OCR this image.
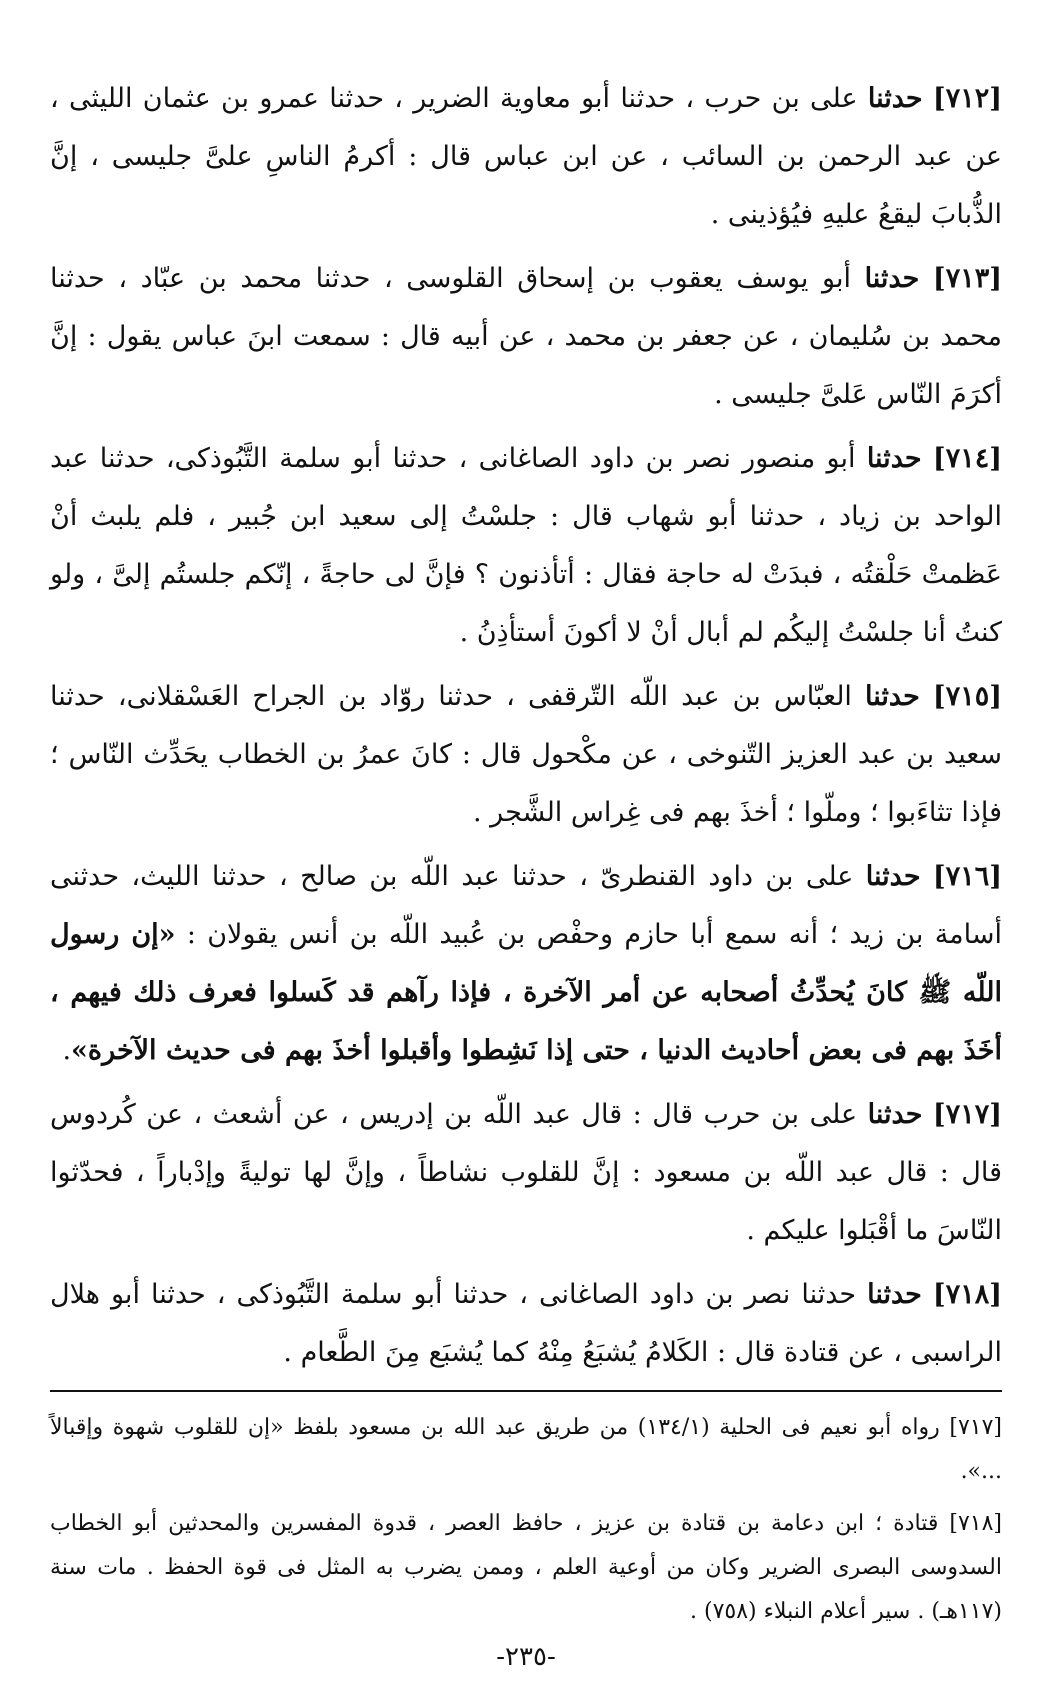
[٧١٢] حدثنا على بن حرب ، حدثنا أبو معاوية الضرير ، حدثنا عمرو بن عثمان الليثى ، عن عبد الرحمن بن السائب ، عن ابن عباس قال : أكرمُ الناسِ علىَّ جليسى ، إنَّ الذُّبابَ ليقعُ عليهِ فيُؤذينى .

[٧١٣] حدثنا أبو يوسف يعقوب بن إسحاق القلوسى ، حدثنا محمد بن عبّاد ، حدثنا محمد بن سُليمان ، عن جعفر بن محمد ، عن أبيه قال : سمعت ابنَ عباس يقول : إنَّ أكرَمَ النّاس عَلىَّ جليسى .

[٧١٤] حدثنا أبو منصور نصر بن داود الصاغانى ، حدثنا أبو سلمة التَّبُوذكى، حدثنا عبد الواحد بن زياد ، حدثنا أبو شهاب قال : جلسْتُ إلى سعيد ابن جُبير ، فلم يلبث أنْ عَظمتْ حَلْقتُه ، فبدَتْ له حاجة فقال : أتأذنون ؟ فإنَّ لى حاجةً ، إنّكم جلستُم إلىَّ ، ولو كنتُ أنا جلسْتُ إليكُم لم أبال أنْ لا أكونَ أستأذِنُ .

[٧١٥] حدثنا العبّاس بن عبد اللّه التّرقفى ، حدثنا روّاد بن الجراح العَسْقلانى، حدثنا سعيد بن عبد العزيز التّنوخى ، عن مكْحول قال : كانَ عمرُ بن الخطاب يحَدِّث النّاس ؛ فإذا تثاءَبوا ؛ وملّوا ؛ أخذَ بهم فى غِراس الشَّجر .

[٧١٦] حدثنا على بن داود القنطرىّ ، حدثنا عبد اللّه بن صالح ، حدثنا الليث، حدثنى أسامة بن زيد ؛ أنه سمع أبا حازم وحفْص بن عُبيد اللّه بن أنس يقولان : «إن رسول اللّه ﷺ كانَ يُحدِّثُ أصحابه عن أمر الآخرة ، فإذا رآهم قد كَسلوا فعرف ذلك فيهم ، أخَذَ بهم فى بعض أحاديث الدنيا ، حتى إذا نَشِطوا وأقبلوا أخذَ بهم فى حديث الآخرة».

[٧١٧] حدثنا على بن حرب قال : قال عبد اللّه بن إدريس ، عن أشعث ، عن كُردوس قال : قال عبد اللّه بن مسعود : إنَّ للقلوب نشاطاً ، وإنَّ لها توليةً وإدْباراً ، فحدّثوا النّاسَ ما أقْبَلوا عليكم .

[٧١٨] حدثنا حدثنا نصر بن داود الصاغانى ، حدثنا أبو سلمة التَّبُوذكى ، حدثنا أبو هلال الراسبى ، عن قتادة قال : الكَلامُ يُشبَعُ مِنْهُ كما يُشبَع مِنَ الطَّعام .

[٧١٧] رواه أبو نعيم فى الحلية (١٣٤/١) من طريق عبد الله بن مسعود بلفظ «إن للقلوب شهوة وإقبالاً ...».

[٧١٨] قتادة ؛ ابن دعامة بن قتادة بن عزيز ، حافظ العصر ، قدوة المفسرين والمحدثين أبو الخطاب السدوسى البصرى الضرير وكان من أوعية العلم ، وممن يضرب به المثل فى قوة الحفظ . مات سنة (١١٧هـ) . سير أعلام النبلاء (٧٥٨) .

-٢٣٥-
